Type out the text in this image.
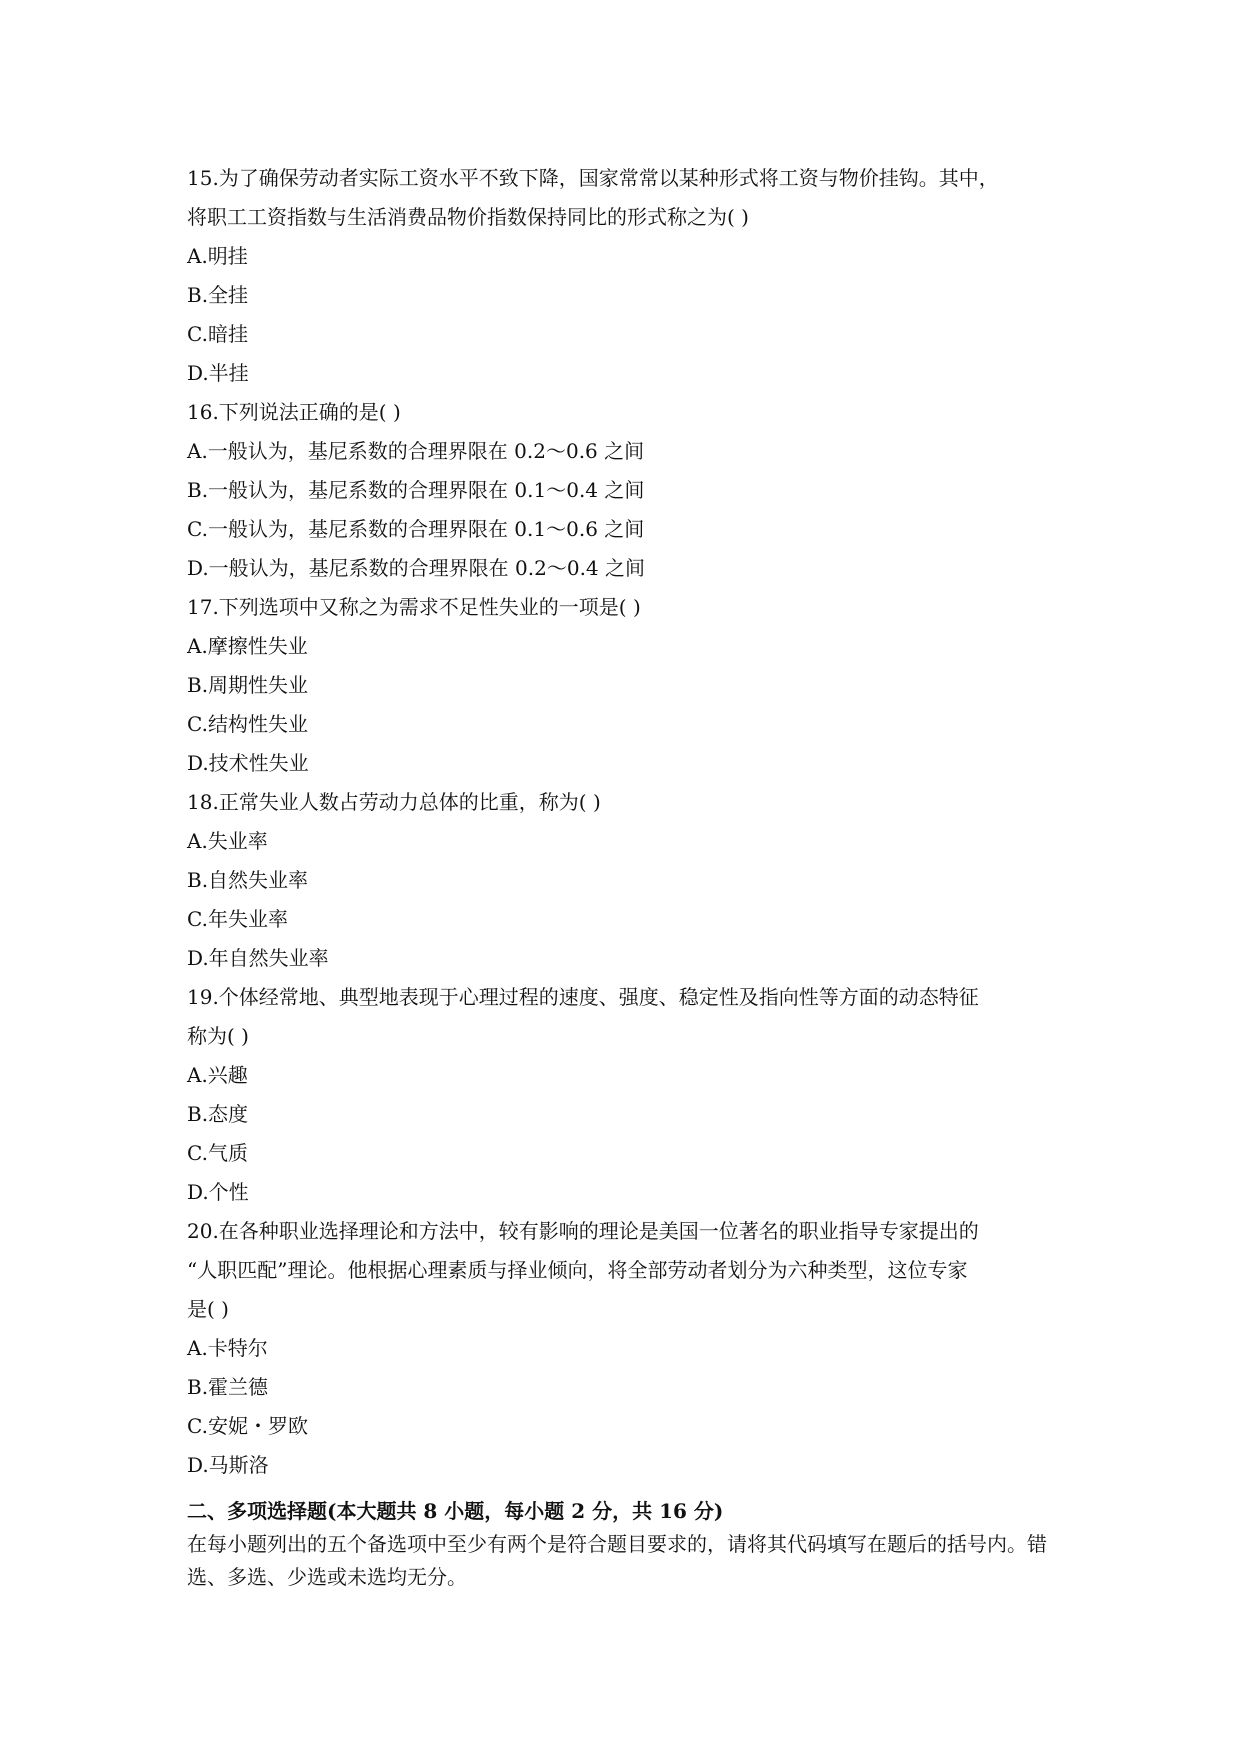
15.为了确保劳动者实际工资水平不致下降，国家常常以某种形式将工资与物价挂钩。其中，
将职工工资指数与生活消费品物价指数保持同比的形式称之为( )
A.明挂
B.全挂
C.暗挂
D.半挂
16.下列说法正确的是( )
A.一般认为，基尼系数的合理界限在 0.2～0.6 之间
B.一般认为，基尼系数的合理界限在 0.1～0.4 之间
C.一般认为，基尼系数的合理界限在 0.1～0.6 之间
D.一般认为，基尼系数的合理界限在 0.2～0.4 之间
17.下列选项中又称之为需求不足性失业的一项是( )
A.摩擦性失业
B.周期性失业
C.结构性失业
D.技术性失业
18.正常失业人数占劳动力总体的比重，称为( )
A.失业率
B.自然失业率
C.年失业率
D.年自然失业率
19.个体经常地、典型地表现于心理过程的速度、强度、稳定性及指向性等方面的动态特征
称为( )
A.兴趣
B.态度
C.气质
D.个性
20.在各种职业选择理论和方法中，较有影响的理论是美国一位著名的职业指导专家提出的
“人职匹配”理论。他根据心理素质与择业倾向，将全部劳动者划分为六种类型，这位专家
是( )
A.卡特尔
B.霍兰德
C.安妮・罗欧
D.马斯洛
二、多项选择题(本大题共 8 小题，每小题 2 分，共 16 分)
在每小题列出的五个备选项中至少有两个是符合题目要求的，请将其代码填写在题后的括号内。错选、多选、少选或未选均无分。
